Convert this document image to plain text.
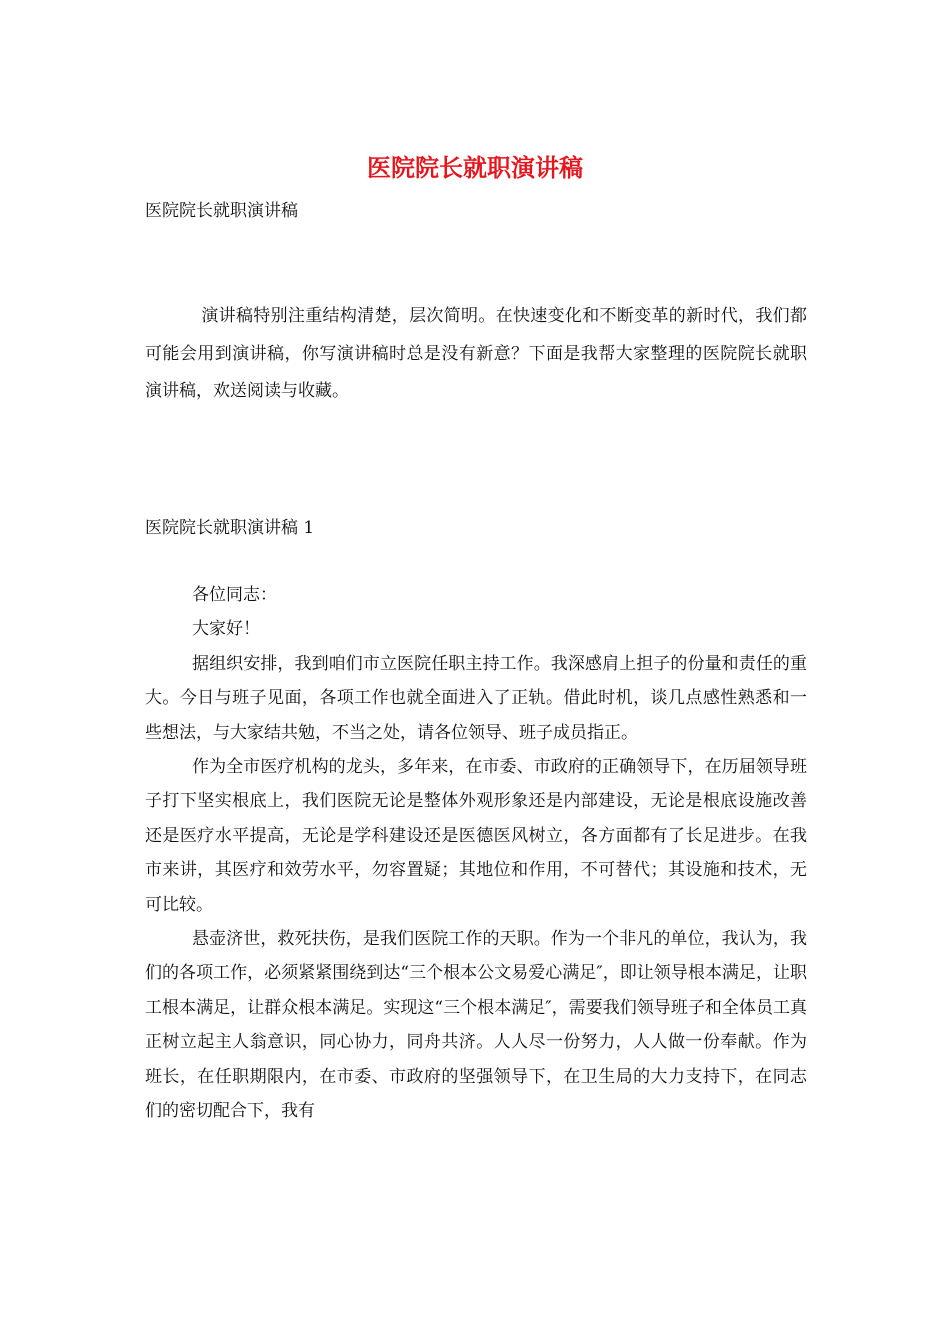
医院院长就职演讲稿
医院院长就职演讲稿
演讲稿特别注重结构清楚，层次简明。在快速变化和不断变革的新时代，我们都可能会用到演讲稿，你写演讲稿时总是没有新意？下面是我帮大家整理的医院院长就职演讲稿，欢送阅读与收藏。
医院院长就职演讲稿 1

各位同志：

大家好！

据组织安排，我到咱们市立医院任职主持工作。我深感肩上担子的份量和责任的重大。今日与班子见面，各项工作也就全面进入了正轨。借此时机，谈几点感性熟悉和一些想法，与大家结共勉，不当之处，请各位领导、班子成员指正。

作为全市医疗机构的龙头，多年来，在市委、市政府的正确领导下，在历届领导班子打下坚实根底上，我们医院无论是整体外观形象还是内部建设，无论是根底设施改善还是医疗水平提高，无论是学科建设还是医德医风树立，各方面都有了长足进步。在我市来讲，其医疗和效劳水平，勿容置疑；其地位和作用，不可替代；其设施和技术，无可比较。

悬壶济世，救死扶伤，是我们医院工作的天职。作为一个非凡的单位，我认为，我们的各项工作，必须紧紧围绕到达“三个根本公文易爱心满足″，即让领导根本满足，让职工根本满足，让群众根本满足。实现这“三个根本满足″，需要我们领导班子和全体员工真正树立起主人翁意识，同心协力，同舟共济。人人尽一份努力，人人做一份奉献。作为班长，在任职期限内，在市委、市政府的坚强领导下，在卫生局的大力支持下，在同志们的密切配合下，我有
